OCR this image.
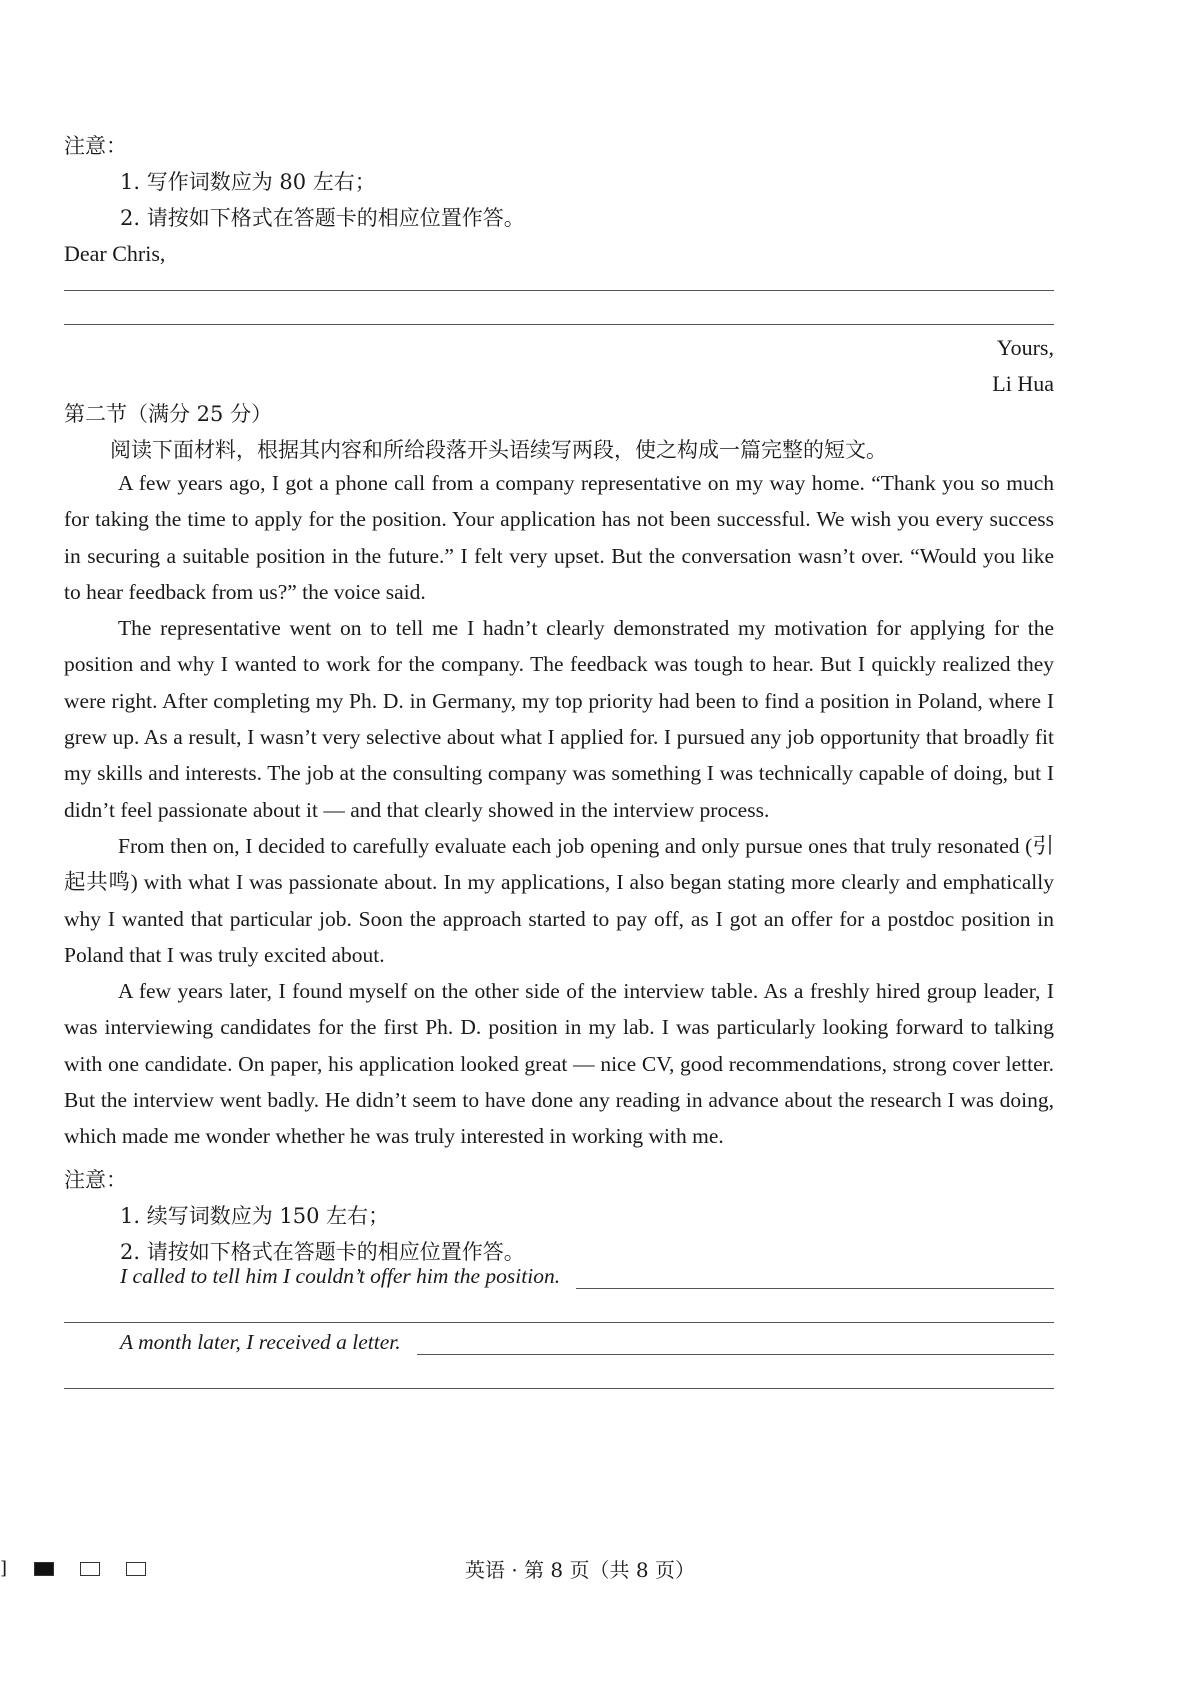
注意：
1. 写作词数应为 80 左右；
2. 请按如下格式在答题卡的相应位置作答。
Dear Chris,
Yours,
Li Hua
第二节（满分 25 分）
阅读下面材料，根据其内容和所给段落开头语续写两段，使之构成一篇完整的短文。

A few years ago, I got a phone call from a company representative on my way home. “Thank you so much for taking the time to apply for the position. Your application has not been successful. We wish you every success in securing a suitable position in the future.” I felt very upset. But the conversation wasn’t over. “Would you like to hear feedback from us?” the voice said.

The representative went on to tell me I hadn’t clearly demonstrated my motivation for applying for the position and why I wanted to work for the company. The feedback was tough to hear. But I quickly realized they were right. After completing my Ph. D. in Germany, my top priority had been to find a position in Poland, where I grew up. As a result, I wasn’t very selective about what I applied for. I pursued any job opportunity that broadly fit my skills and interests. The job at the consulting company was something I was technically capable of doing, but I didn’t feel passionate about it — and that clearly showed in the interview process.

From then on, I decided to carefully evaluate each job opening and only pursue ones that truly resonated (引起共鸣) with what I was passionate about. In my applications, I also began stating more clearly and emphatically why I wanted that particular job. Soon the approach started to pay off, as I got an offer for a postdoc position in Poland that I was truly excited about.

A few years later, I found myself on the other side of the interview table. As a freshly hired group leader, I was interviewing candidates for the first Ph. D. position in my lab. I was particularly looking forward to talking with one candidate. On paper, his application looked great — nice CV, good recommendations, strong cover letter. But the interview went badly. He didn’t seem to have done any reading in advance about the research I was doing, which made me wonder whether he was truly interested in working with me.

注意：
1. 续写词数应为 150 左右；
2. 请按如下格式在答题卡的相应位置作答。
I called to tell him I couldn’t offer him the position.
A month later, I received a letter.
]	英语 · 第 8 页（共 8 页）
